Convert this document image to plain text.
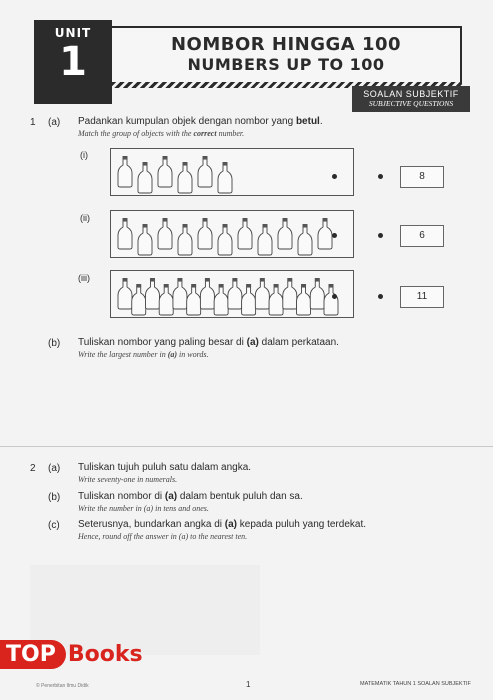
UNIT
1	NOMBOR HINGGA 100
NUMBERS UP TO 100
SOALAN SUBJEKTIF
SUBJECTIVE QUESTIONS
1 (a) Padankan kumpulan objek dengan nombor yang betul.
Match the group of objects with the correct number.
(i)
8
(ii)
6
(iii)
11
(b) Tuliskan nombor yang paling besar di (a) dalam perkataan.
Write the largest number in (a) in words.
2 (a) Tuliskan tujuh puluh satu dalam angka.
Write seventy-one in numerals.
(b) Tuliskan nombor di (a) dalam bentuk puluh dan sa.
Write the number in (a) in tens and ones.
(c) Seterusnya, bundarkan angka di (a) kepada puluh yang terdekat.
Hence, round off the answer in (a) to the nearest ten.
TOP Books
© Penerbitan Ilmu Didik	1	MATEMATIK TAHUN 1 SOALAN SUBJEKTIF
